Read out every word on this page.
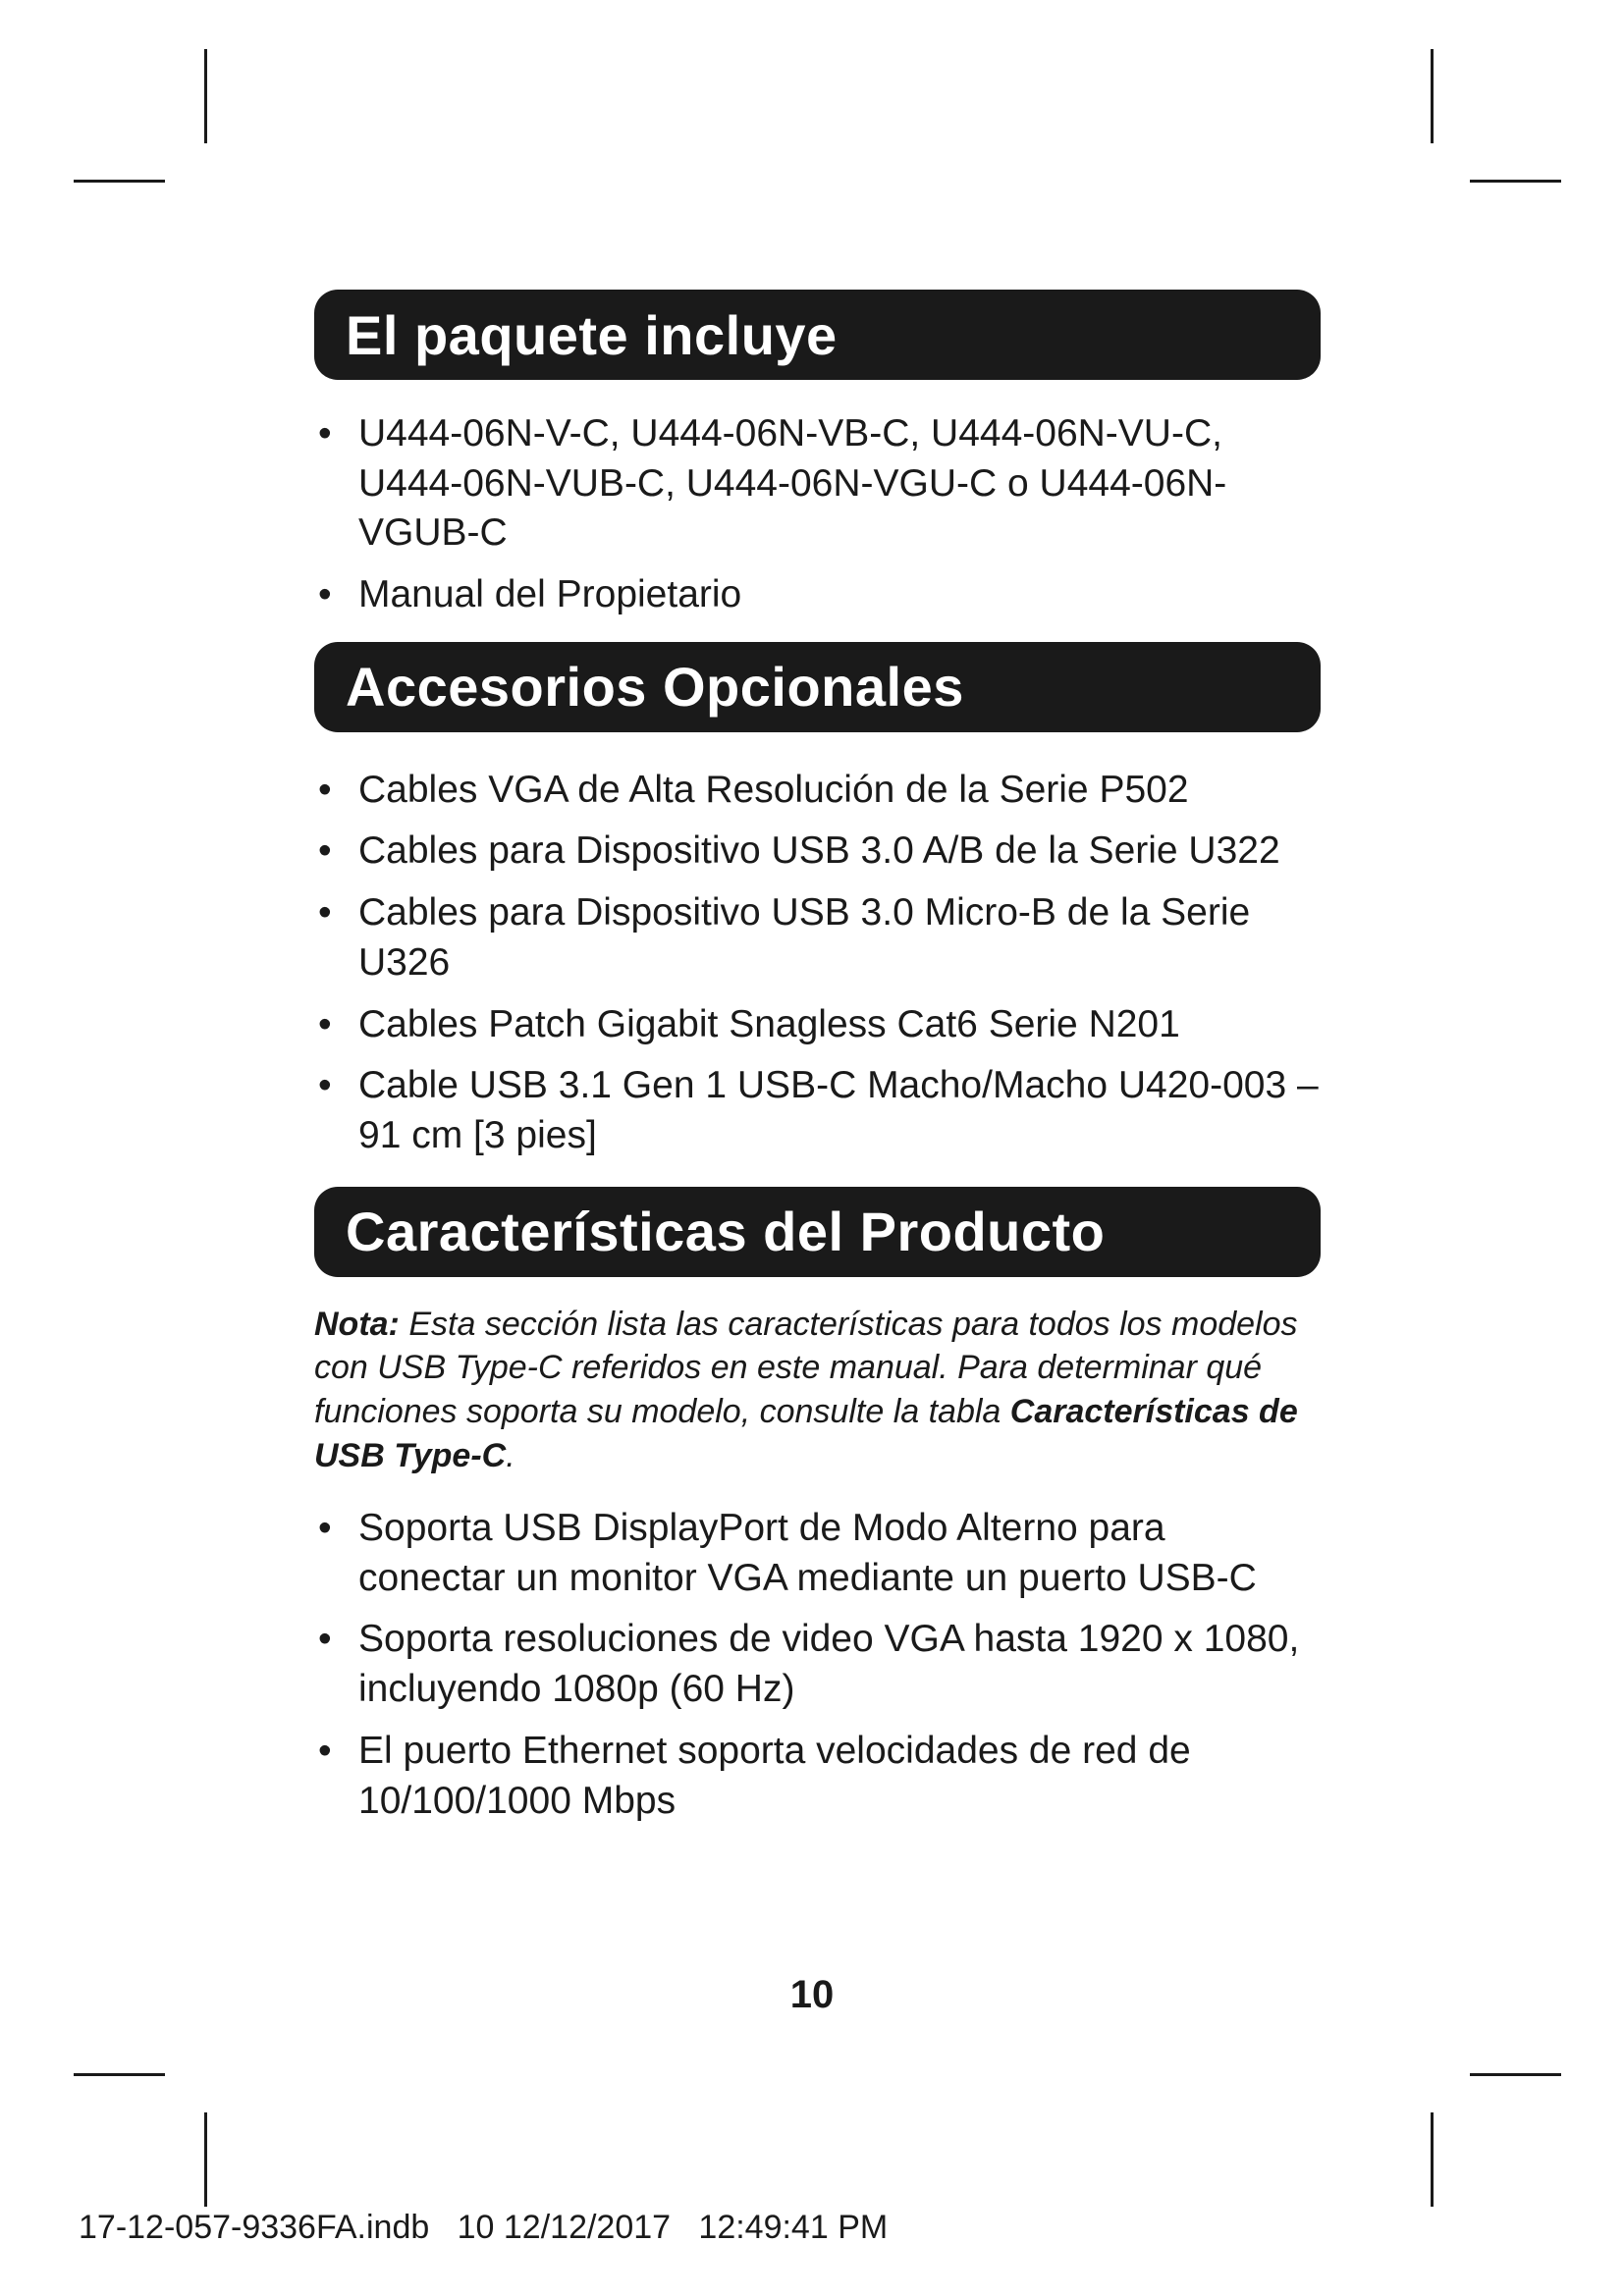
El paquete incluye
• U444-06N-V-C, U444-06N-VB-C, U444-06N-VU-C, U444-06N-VUB-C, U444-06N-VGU-C o U444-06N-VGUB-C
• Manual del Propietario
Accesorios Opcionales
• Cables VGA de Alta Resolución de la Serie P502
• Cables para Dispositivo USB 3.0 A/B de la Serie U322
• Cables para Dispositivo USB 3.0 Micro-B de la Serie U326
• Cables Patch Gigabit Snagless Cat6 Serie N201
• Cable USB 3.1 Gen 1 USB-C Macho/Macho U420-003 – 91 cm [3 pies]
Características del Producto

Nota: Esta sección lista las características para todos los modelos con USB Type-C referidos en este manual. Para determinar qué funciones soporta su modelo, consulte la tabla Características de USB Type-C.

• Soporta USB DisplayPort de Modo Alterno para conectar un monitor VGA mediante un puerto USB-C
• Soporta resoluciones de video VGA hasta 1920 x 1080, incluyendo 1080p (60 Hz)
• El puerto Ethernet soporta velocidades de red de 10/100/1000 Mbps
10
17-12-057-9336FA.indb 10 12/12/2017 12:49:41 PM
